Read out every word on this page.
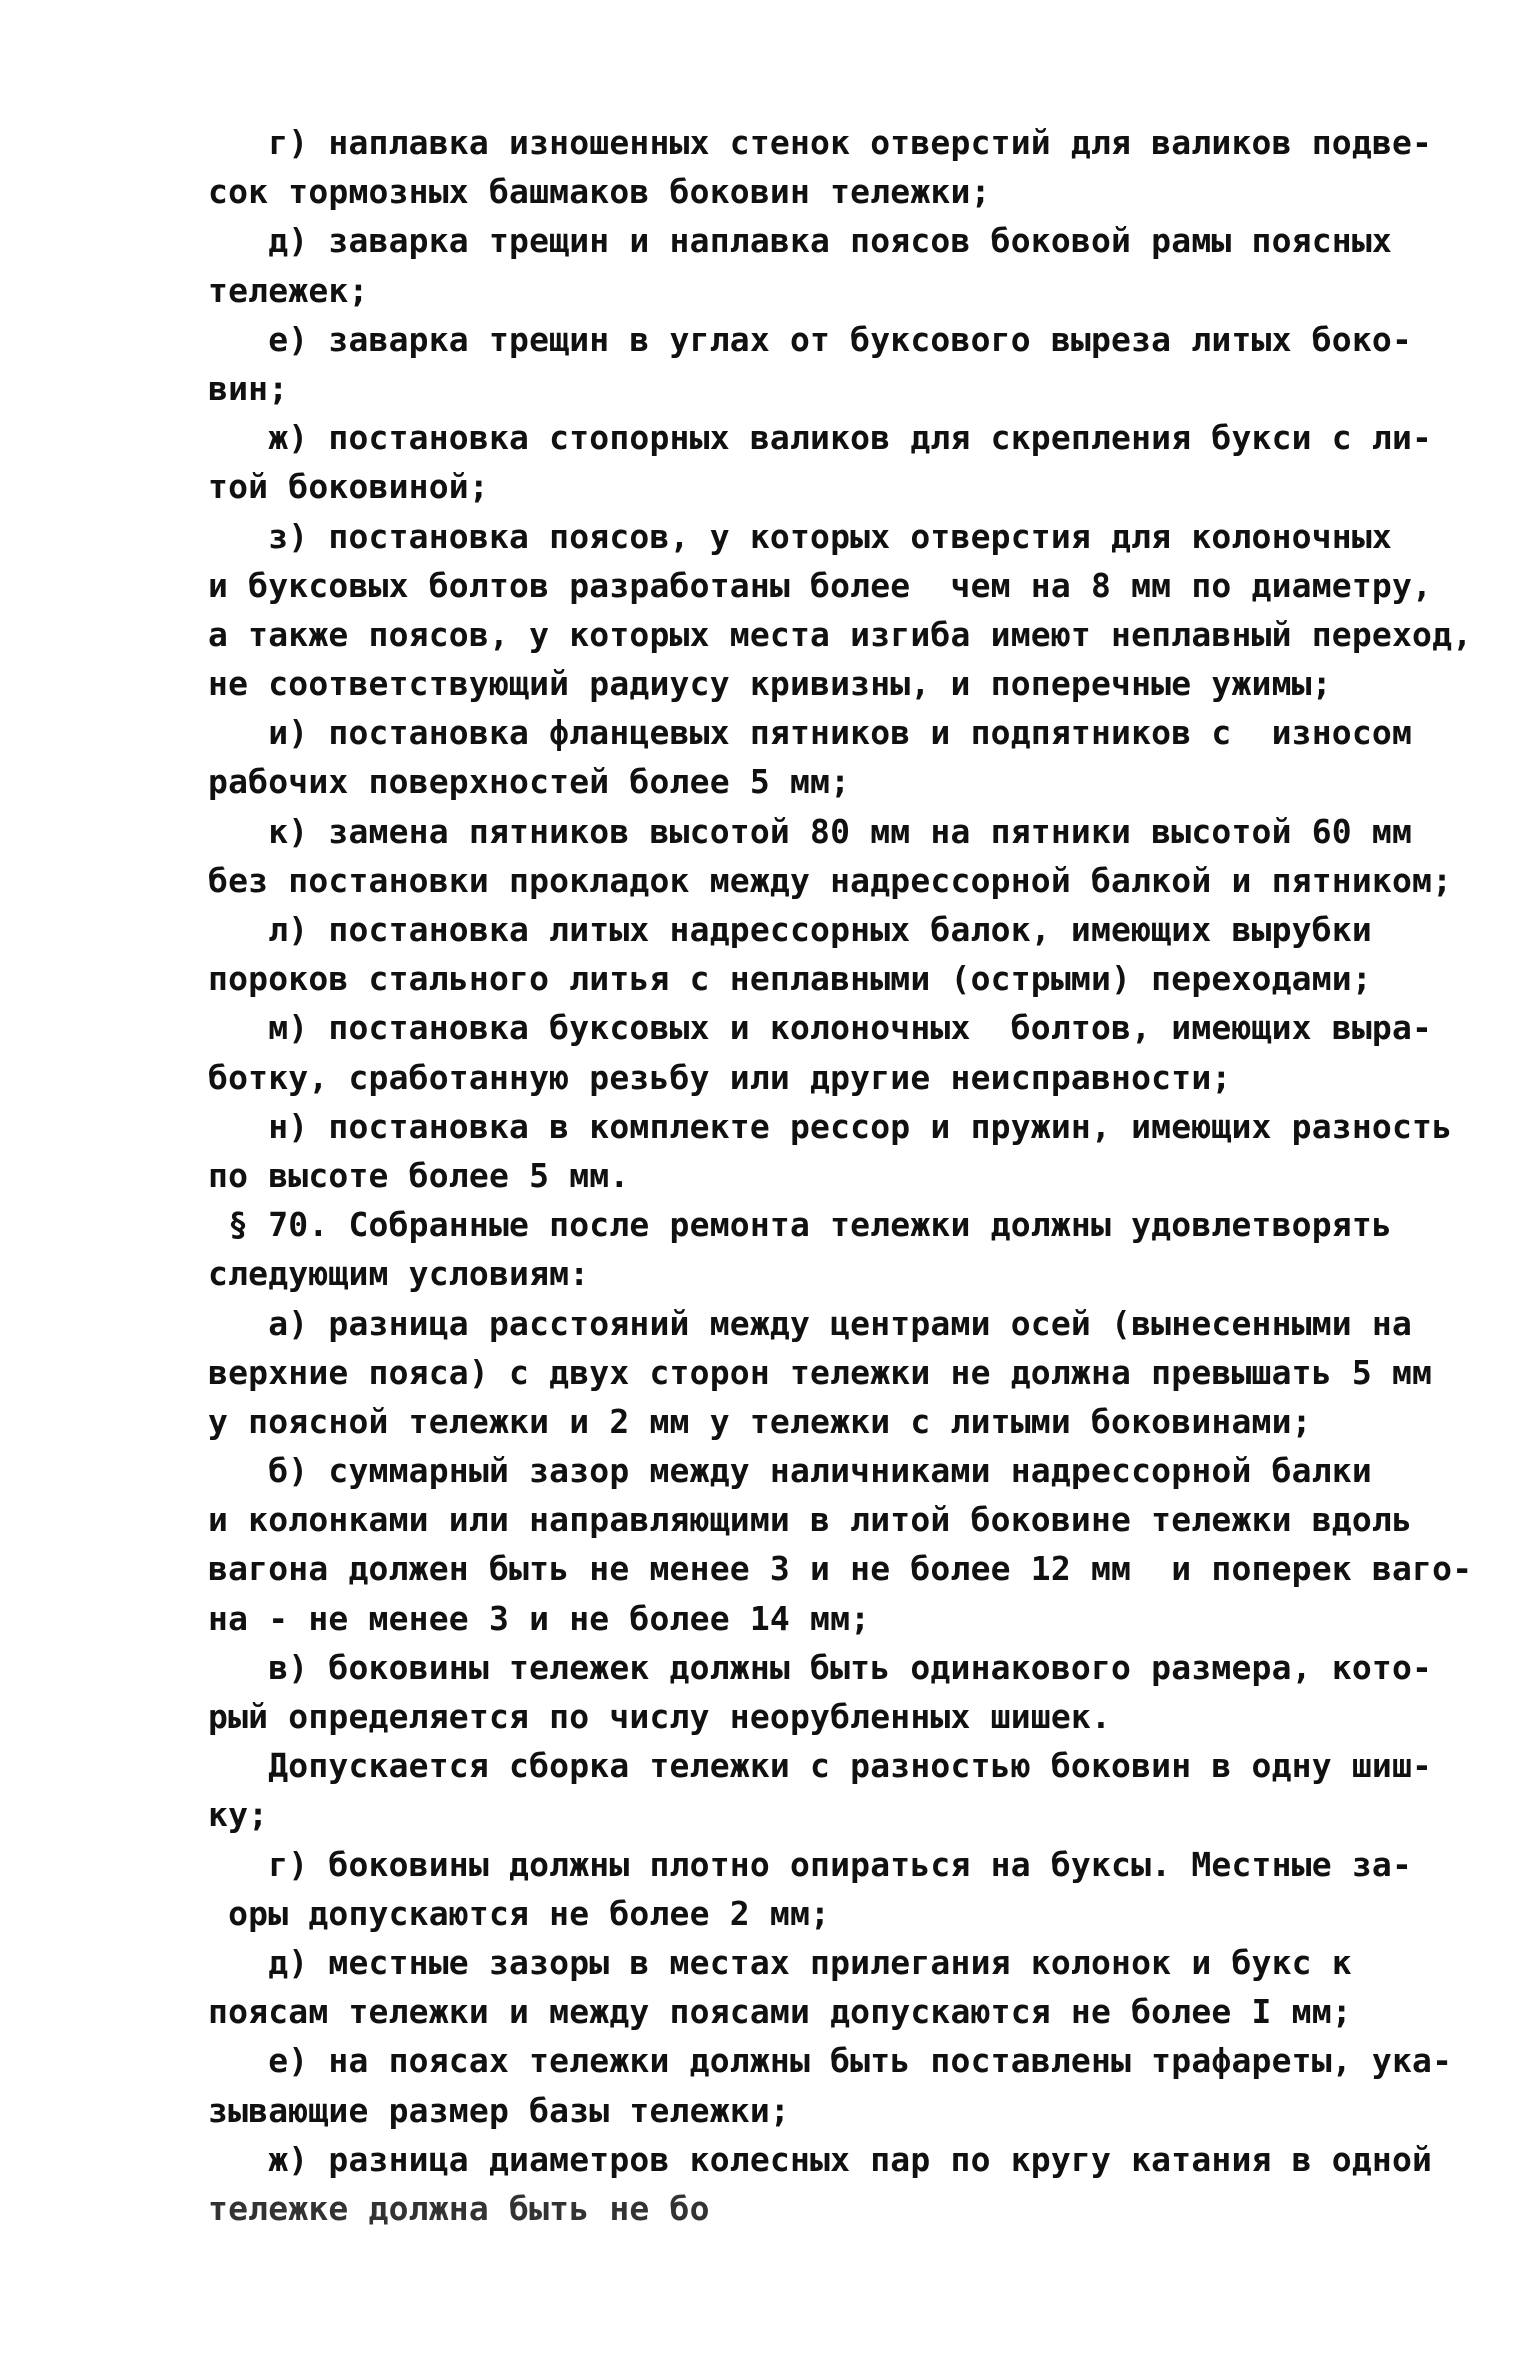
г) наплавка изношенных стенок отверстий для валиков подве-
сок тормозных башмаков боковин тележки;
д) заварка трещин и наплавка поясов боковой рамы поясных
тележек;
е) заварка трещин в углах от буксового выреза литых боко-
вин;
ж) постановка стопорных валиков для скрепления букси с ли-
той боковиной;
з) постановка поясов, у которых отверстия для колоночных
и буксовых болтов разработаны более  чем на 8 мм по диаметру,
а также поясов, у которых места изгиба имеют неплавный переход,
не соответствующий радиусу кривизны, и поперечные ужимы;
и) постановка фланцевых пятников и подпятников с  износом
рабочих поверхностей более 5 мм;
к) замена пятников высотой 80 мм на пятники высотой 60 мм
без постановки прокладок между надрессорной балкой и пятником;
л) постановка литых надрессорных балок, имеющих вырубки
пороков стального литья с неплавными (острыми) переходами;
м) постановка буксовых и колоночных  болтов, имеющих выра-
ботку, сработанную резьбу или другие неисправности;
н) постановка в комплекте рессор и пружин, имеющих разность
по высоте более 5 мм.
§ 70. Собранные после ремонта тележки должны удовлетворять
следующим условиям:
а) разница расстояний между центрами осей (вынесенными на
верхние пояса) с двух сторон тележки не должна превышать 5 мм
у поясной тележки и 2 мм у тележки с литыми боковинами;
б) суммарный зазор между наличниками надрессорной балки
и колонками или направляющими в литой боковине тележки вдоль
вагона должен быть не менее 3 и не более 12 мм  и поперек ваго-
на - не менее 3 и не более 14 мм;
в) боковины тележек должны быть одинакового размера, кото-
рый определяется по числу неорубленных шишек.
Допускается сборка тележки с разностью боковин в одну шиш-
ку;
г) боковины должны плотно опираться на буксы. Местные за-
оры допускаются не более 2 мм;
д) местные зазоры в местах прилегания колонок и букс к
поясам тележки и между поясами допускаются не более I мм;
е) на поясах тележки должны быть поставлены трафареты, ука-
зывающие размер базы тележки;
ж) разница диаметров колесных пар по кругу катания в одной
тележке должна быть не бо
